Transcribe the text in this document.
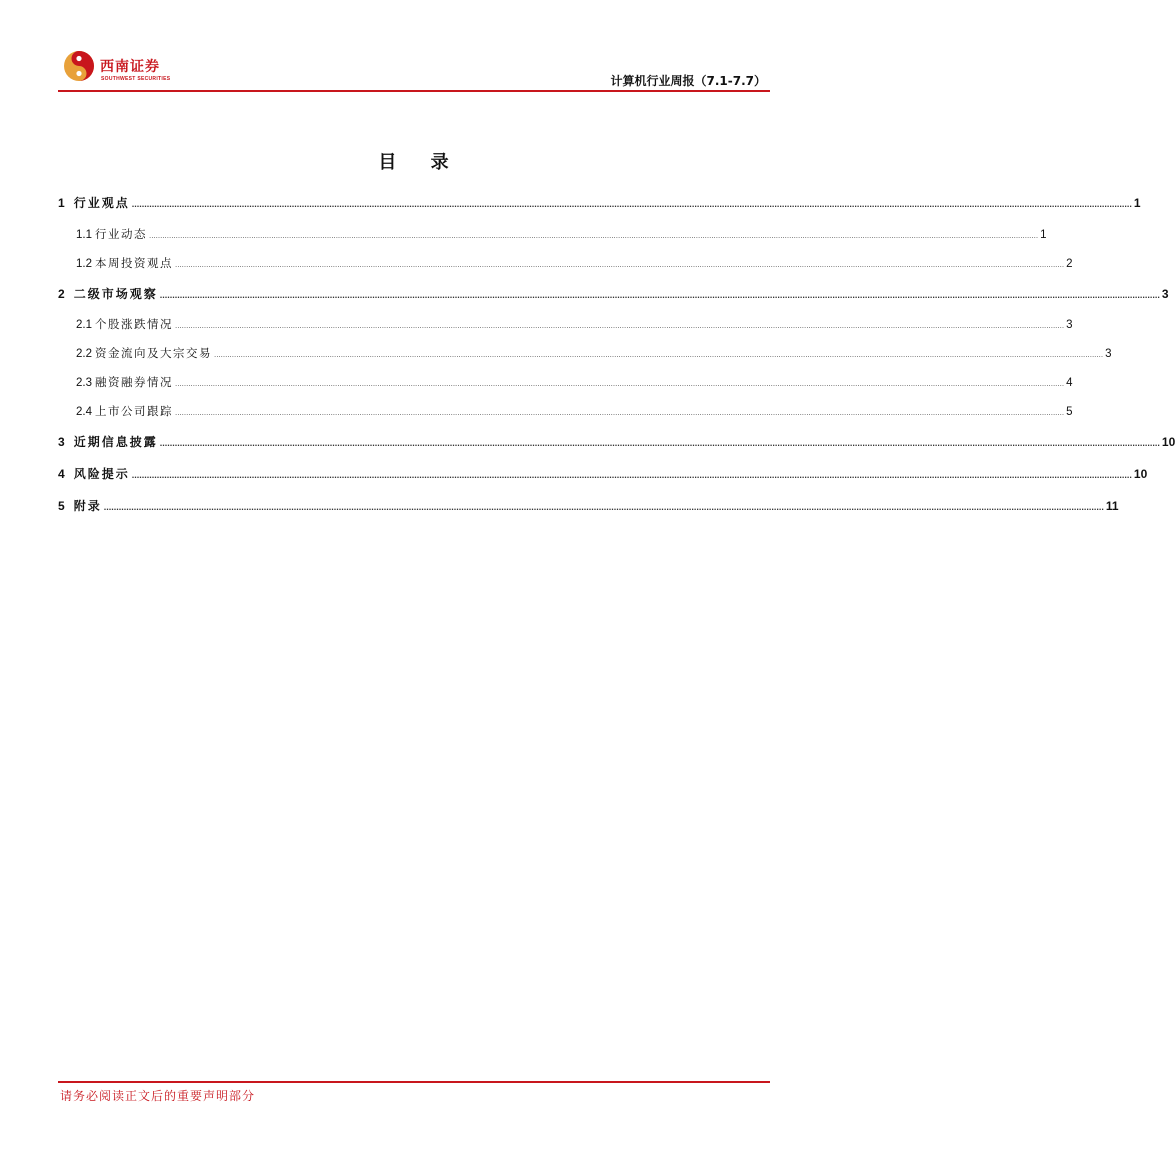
西南证券
SOUTHWEST SECURITIES	计算机行业周报（7.1-7.7）
目 录
1 行业观点 ................................................................................................................................................................................................................................................................................................................................................................................................................ 1
1.1 行业动态 ................................................................................................................................................................................................................................................................................................................................................................................................................ 1
1.2 本周投资观点 ................................................................................................................................................................................................................................................................................................................................................................................................................ 2
2 二级市场观察 ................................................................................................................................................................................................................................................................................................................................................................................................................ 3
2.1 个股涨跌情况 ................................................................................................................................................................................................................................................................................................................................................................................................................ 3
2.2 资金流向及大宗交易 ................................................................................................................................................................................................................................................................................................................................................................................................................ 3
2.3 融资融券情况 ................................................................................................................................................................................................................................................................................................................................................................................................................ 4
2.4 上市公司跟踪 ................................................................................................................................................................................................................................................................................................................................................................................................................ 5
3 近期信息披露 ................................................................................................................................................................................................................................................................................................................................................................................................................ 10
4 风险提示 ................................................................................................................................................................................................................................................................................................................................................................................................................ 10
5 附录 ................................................................................................................................................................................................................................................................................................................................................................................................................ 11
请务必阅读正文后的重要声明部分
